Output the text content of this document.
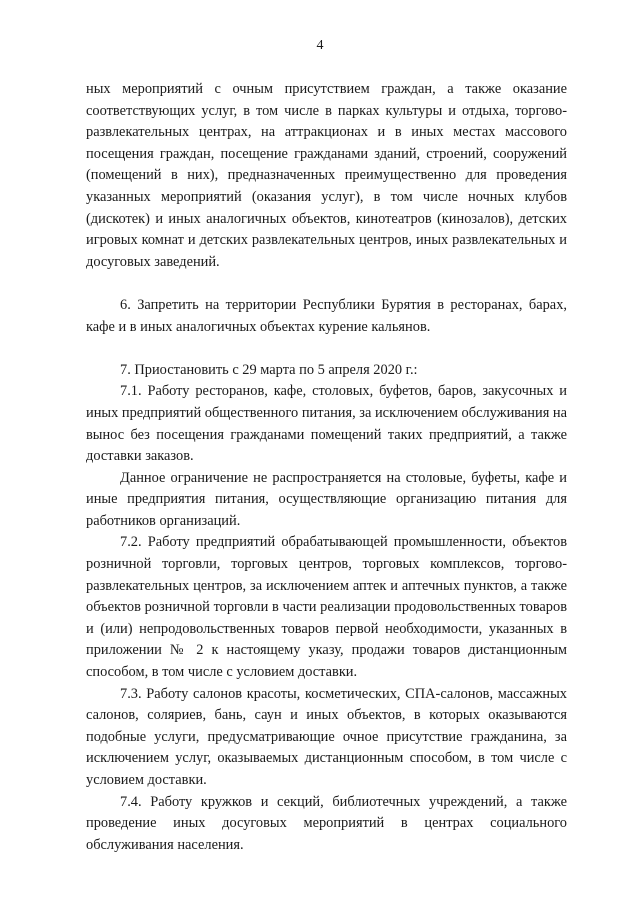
4

ных мероприятий с очным присутствием граждан, а также оказание соответствующих услуг, в том числе в парках культуры и отдыха, торгово-развлекательных центрах, на аттракционах и в иных местах массового посещения граждан, посещение гражданами зданий, строений, сооружений (помещений в них), предназначенных преимущественно для проведения указанных мероприятий (оказания услуг), в том числе ночных клубов (дискотек) и иных аналогичных объектов, кинотеатров (кинозалов), детских игровых комнат и детских развлекательных центров, иных развлекательных и досуговых заведений.

6. Запретить на территории Республики Бурятия в ресторанах, барах, кафе и в иных аналогичных объектах курение кальянов.

7. Приостановить с 29 марта по 5 апреля 2020 г.:

7.1. Работу ресторанов, кафе, столовых, буфетов, баров, закусочных и иных предприятий общественного питания, за исключением обслуживания на вынос без посещения гражданами помещений таких предприятий, а также доставки заказов.

Данное ограничение не распространяется на столовые, буфеты, кафе и иные предприятия питания, осуществляющие организацию питания для работников организаций.

7.2. Работу предприятий обрабатывающей промышленности, объектов розничной торговли, торговых центров, торговых комплексов, торгово-развлекательных центров, за исключением аптек и аптечных пунктов, а также объектов розничной торговли в части реализации продовольственных товаров и (или) непродовольственных товаров первой необходимости, указанных в приложении № 2 к настоящему указу, продажи товаров дистанционным способом, в том числе с условием доставки.

7.3. Работу салонов красоты, косметических, СПА-салонов, массажных салонов, соляриев, бань, саун и иных объектов, в которых оказываются подобные услуги, предусматривающие очное присутствие гражданина, за исключением услуг, оказываемых дистанционным способом, в том числе с условием доставки.

7.4. Работу кружков и секций, библиотечных учреждений, а также проведение иных досуговых мероприятий в центрах социального обслуживания населения.
